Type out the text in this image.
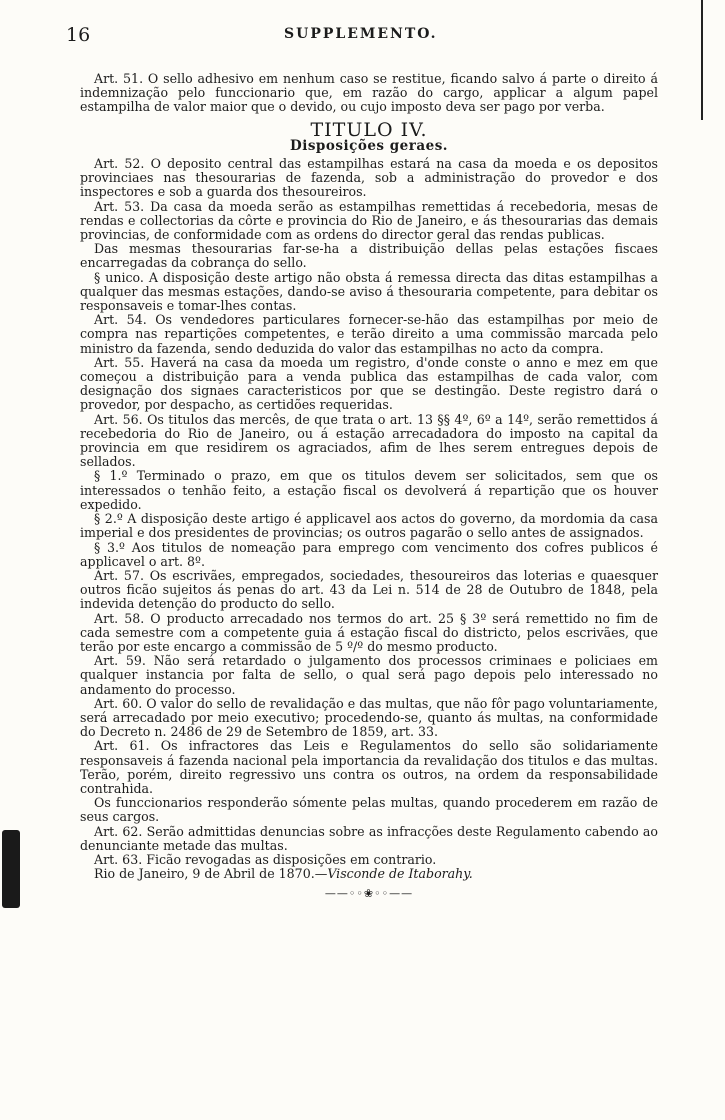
16	SUPPLEMENTO.

Art. 51. O sello adhesivo em nenhum caso se restitue, ficando salvo á parte o direito á indemnização pelo funccionario que, em razão do cargo, applicar a algum papel estampilha de valor maior que o devido, ou cujo imposto deva ser pago por verba.

TITULO IV.
Disposições geraes.

Art. 52. O deposito central das estampilhas estará na casa da moeda e os depositos provinciaes nas thesourarias de fazenda, sob a administração do provedor e dos inspectores e sob a guarda dos thesoureiros.

Art. 53. Da casa da moeda serão as estampilhas remettidas á recebedoria, mesas de rendas e collectorias da côrte e provincia do Rio de Janeiro, e ás thesourarias das demais provincias, de conformidade com as ordens do director geral das rendas publicas.

Das mesmas thesourarias far-se-ha a distribuição dellas pelas estações fiscaes encarregadas da cobrança do sello.

§ unico. A disposição deste artigo não obsta á remessa directa das ditas estampilhas a qualquer das mesmas estações, dando-se aviso á thesouraria competente, para debitar os responsaveis e tomar-lhes contas.

Art. 54. Os vendedores particulares fornecer-se-hão das estampilhas por meio de compra nas repartições competentes, e terão direito a uma commissão marcada pelo ministro da fazenda, sendo deduzida do valor das estampilhas no acto da compra.

Art. 55. Haverá na casa da moeda um registro, d'onde conste o anno e mez em que começou a distribuição para a venda publica das estampilhas de cada valor, com designação dos signaes caracteristicos por que se destingão. Deste registro dará o provedor, por despacho, as certidões requeridas.

Art. 56. Os titulos das mercês, de que trata o art. 13 §§ 4º, 6º a 14º, serão remettidos á recebedoria do Rio de Janeiro, ou á estação arrecadadora do imposto na capital da provincia em que residirem os agraciados, afim de lhes serem entregues depois de sellados.

§ 1.º Terminado o prazo, em que os titulos devem ser solicitados, sem que os interessados o tenhão feito, a estação fiscal os devolverá á repartição que os houver expedido.

§ 2.º A disposição deste artigo é applicavel aos actos do governo, da mordomia da casa imperial e dos presidentes de provincias; os outros pagarão o sello antes de assignados.

§ 3.º Aos titulos de nomeação para emprego com vencimento dos cofres publicos é applicavel o art. 8º.

Art. 57. Os escrivães, empregados, sociedades, thesoureiros das loterias e quaesquer outros ficão sujeitos ás penas do art. 43 da Lei n. 514 de 28 de Outubro de 1848, pela indevida detenção do producto do sello.

Art. 58. O producto arrecadado nos termos do art. 25 § 3º será remettido no fim de cada semestre com a competente guia á estação fiscal do districto, pelos escrivães, que terão por este encargo a commissão de 5 º/º do mesmo producto.

Art. 59. Não será retardado o julgamento dos processos criminaes e policiaes em qualquer instancia por falta de sello, o qual será pago depois pelo interessado no andamento do processo.

Art. 60. O valor do sello de revalidação e das multas, que não fôr pago voluntariamente, será arrecadado por meio executivo; procedendo-se, quanto ás multas, na conformidade do Decreto n. 2486 de 29 de Setembro de 1859, art. 33.

Art. 61. Os infractores das Leis e Regulamentos do sello são solidariamente responsaveis á fazenda nacional pela importancia da revalidação dos titulos e das multas. Terão, porém, direito regressivo uns contra os outros, na ordem da responsabilidade contrahida.

Os funccionarios responderão sómente pelas multas, quando procederem em razão de seus cargos.

Art. 62. Serão admittidas denuncias sobre as infracções deste Regulamento cabendo ao denunciante metade das multas.

Art. 63. Ficão revogadas as disposições em contrario.

Rio de Janeiro, 9 de Abril de 1870.—Visconde de Itaborahy.

——◦◦❀◦◦——
